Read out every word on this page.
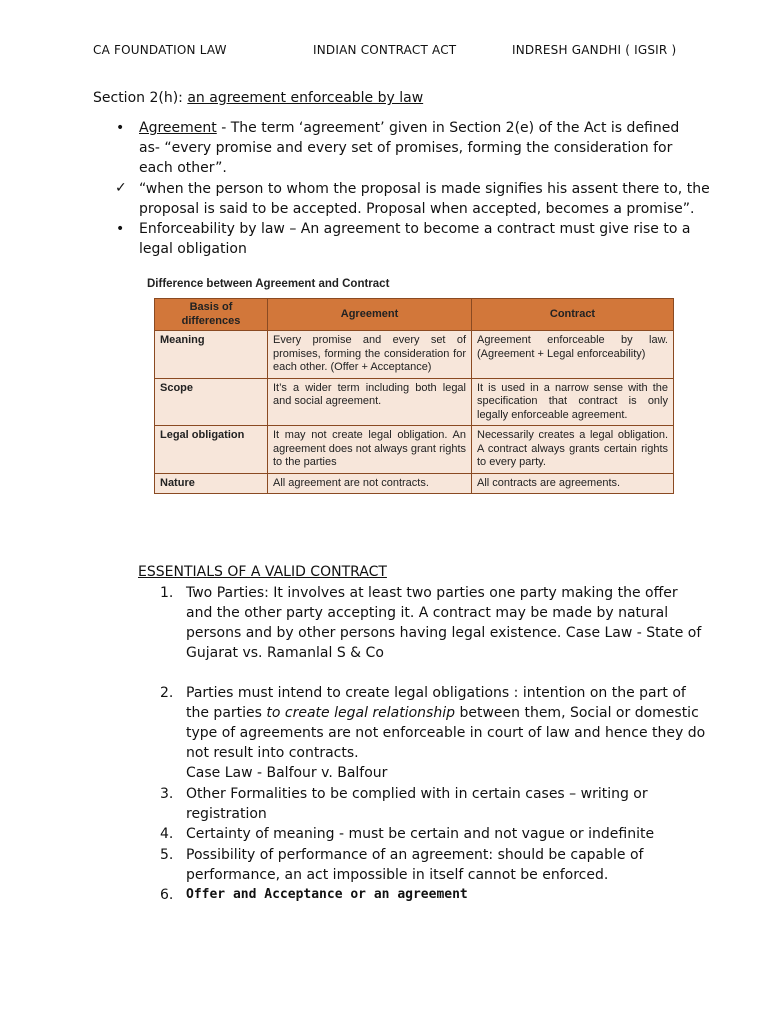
CA FOUNDATION LAW	INDIAN CONTRACT ACT	INDRESH GANDHI ( IGSIR )
Section 2(h): an agreement enforceable by law
• Agreement - The term ‘agreement’ given in Section 2(e) of the Act is defined
as- “every promise and every set of promises, forming the consideration for
each other”.
✓ “when the person to whom the proposal is made signifies his assent there to, the
proposal is said to be accepted. Proposal when accepted, becomes a promise”.
• Enforceability by law – An agreement to become a contract must give rise to a
legal obligation
Difference between Agreement and Contract
Basis of differences	Agreement	Contract
Meaning	Every promise and every set of promises, forming the consideration for each other. (Offer + Acceptance)	Agreement enforceable by law. (Agreement + Legal enforceability)
Scope	It’s a wider term including both legal and social agreement.	It is used in a narrow sense with the specification that contract is only legally enforceable agreement.
Legal obligation	It may not create legal obligation. An agreement does not always grant rights to the parties	Necessarily creates a legal obligation. A contract always grants certain rights to every party.
Nature	All agreement are not contracts.	All contracts are agreements.
ESSENTIALS OF A VALID CONTRACT
1. Two Parties: It involves at least two parties one party making the offer
and the other party accepting it. A contract may be made by natural
persons and by other persons having legal existence. Case Law - State of
Gujarat vs. Ramanlal S & Co
2. Parties must intend to create legal obligations : intention on the part of
the parties to create legal relationship between them, Social or domestic
type of agreements are not enforceable in court of law and hence they do
not result into contracts.
Case Law - Balfour v. Balfour
3. Other Formalities to be complied with in certain cases – writing or
registration
4. Certainty of meaning - must be certain and not vague or indefinite
5. Possibility of performance of an agreement: should be capable of
performance, an act impossible in itself cannot be enforced.
6. Offer and Acceptance or an agreement
